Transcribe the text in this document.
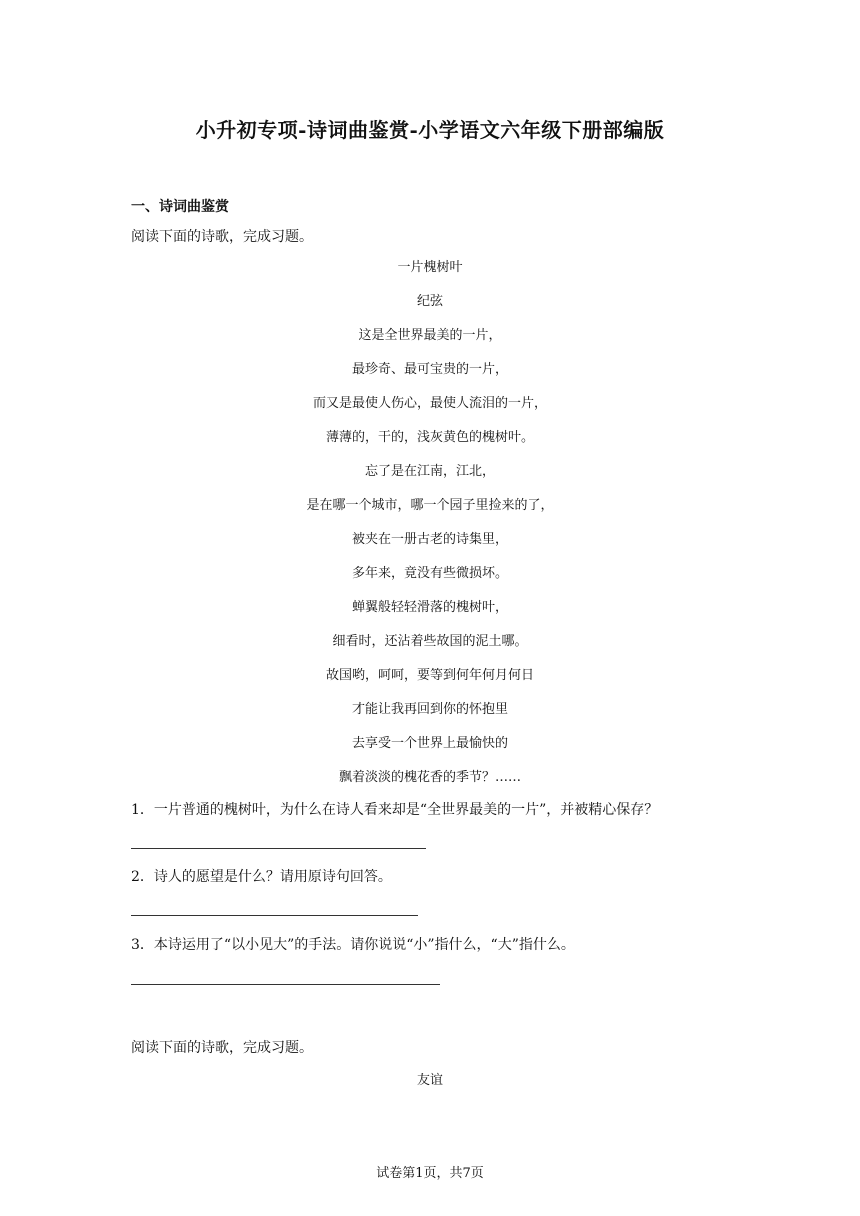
小升初专项-诗词曲鉴赏-小学语文六年级下册部编版
一、诗词曲鉴赏
阅读下面的诗歌，完成习题。
一片槐树叶
纪弦
这是全世界最美的一片，
最珍奇、最可宝贵的一片，
而又是最使人伤心，最使人流泪的一片，
薄薄的，干的，浅灰黄色的槐树叶。
忘了是在江南，江北，
是在哪一个城市，哪一个园子里捡来的了，
被夹在一册古老的诗集里，
多年来，竟没有些微损坏。
蝉翼般轻轻滑落的槐树叶，
细看时，还沾着些故国的泥土哪。
故国哟，呵呵，要等到何年何月何日
才能让我再回到你的怀抱里
去享受一个世界上最愉快的
飘着淡淡的槐花香的季节？……
1．一片普通的槐树叶，为什么在诗人看来却是“全世界最美的一片”，并被精心保存？
2．诗人的愿望是什么？请用原诗句回答。
3．本诗运用了“以小见大”的手法。请你说说“小”指什么，“大”指什么。
阅读下面的诗歌，完成习题。
友谊
试卷第1页，共7页
